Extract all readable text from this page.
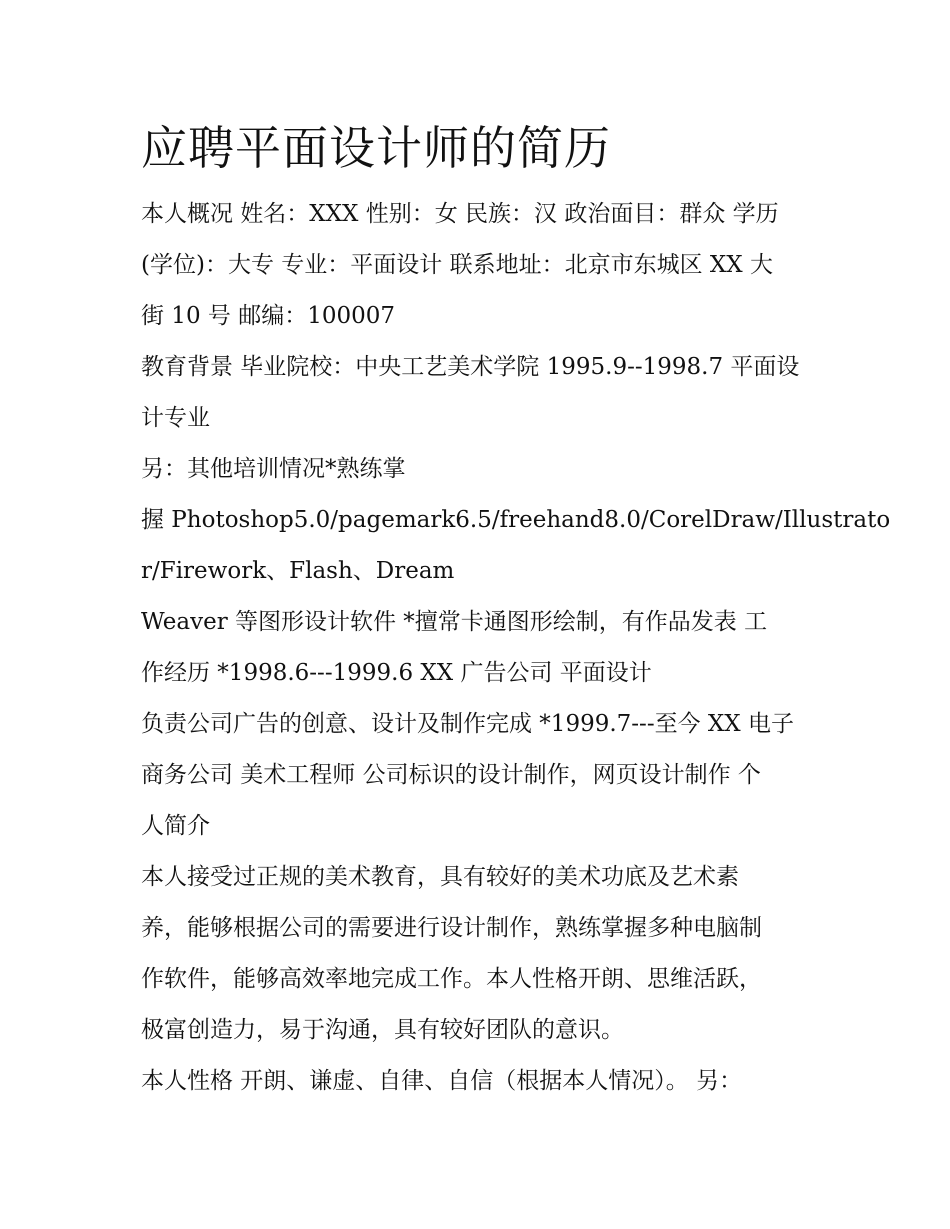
应聘平面设计师的简历
本人概况 姓名：XXX 性别：女 民族：汉 政治面目：群众 学历
(学位)：大专 专业：平面设计 联系地址：北京市东城区 XX 大
街 10 号 邮编：100007
教育背景 毕业院校：中央工艺美术学院 1995.9--1998.7 平面设
计专业
另：其他培训情况*熟练掌
握 Photoshop5.0/pagemark6.5/freehand8.0/CorelDraw/Illustrato
r/Firework、Flash、Dream
Weaver 等图形设计软件 *擅常卡通图形绘制，有作品发表 工
作经历 *1998.6---1999.6 XX 广告公司 平面设计
负责公司广告的创意、设计及制作完成 *1999.7---至今 XX 电子
商务公司 美术工程师 公司标识的设计制作，网页设计制作 个
人简介
本人接受过正规的美术教育，具有较好的美术功底及艺术素
养，能够根据公司的需要进行设计制作，熟练掌握多种电脑制
作软件，能够高效率地完成工作。本人性格开朗、思维活跃，
极富创造力，易于沟通，具有较好团队的意识。
本人性格 开朗、谦虚、自律、自信（根据本人情况）。 另：
